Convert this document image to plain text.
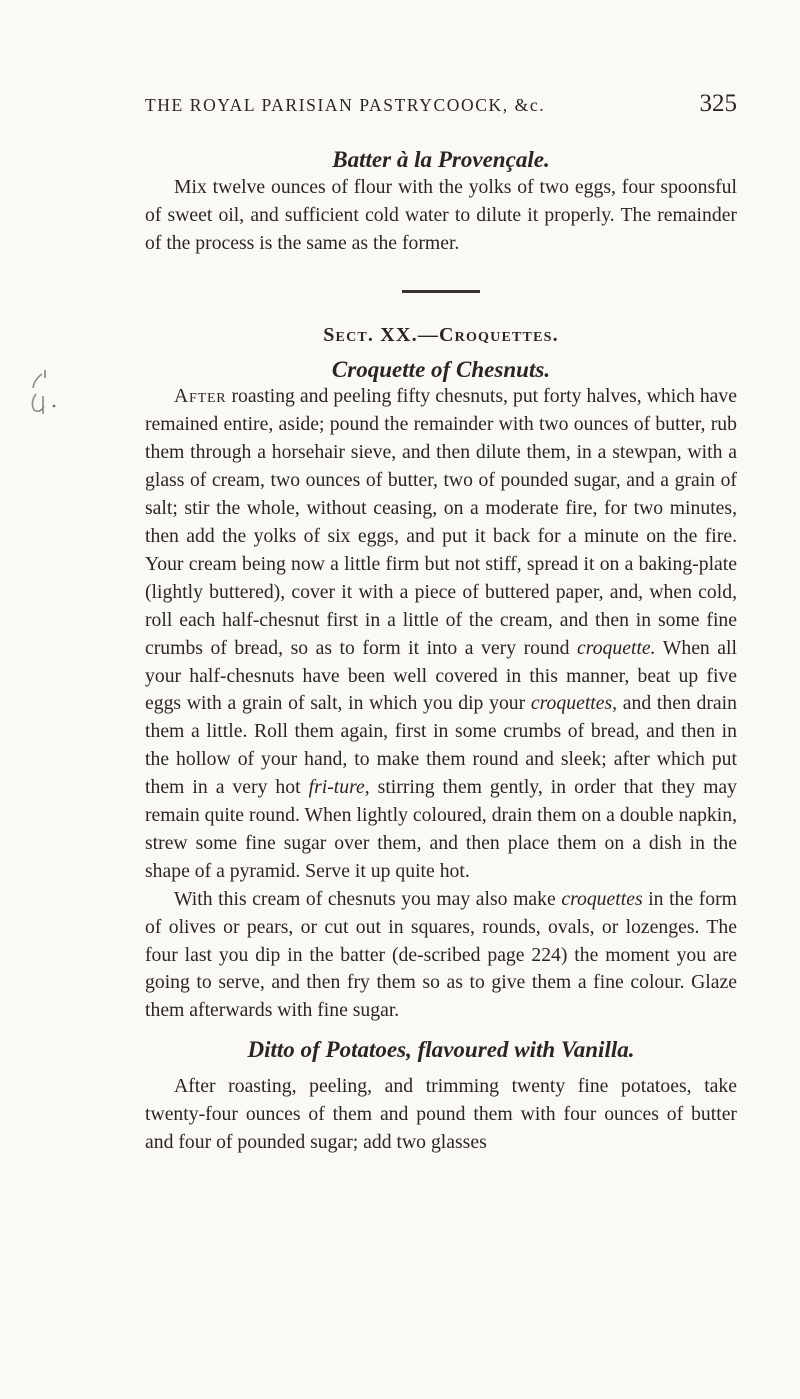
THE ROYAL PARISIAN PASTRYCOOCK, &c.	325
Batter à la Provençale.

Mix twelve ounces of flour with the yolks of two eggs, four spoonsful of sweet oil, and sufficient cold water to dilute it properly. The remainder of the process is the same as the former.

Sect. XX.—Croquettes.
Croquette of Chesnuts.

After roasting and peeling fifty chesnuts, put forty halves, which have remained entire, aside; pound the remainder with two ounces of butter, rub them through a horsehair sieve, and then dilute them, in a stewpan, with a glass of cream, two ounces of butter, two of pounded sugar, and a grain of salt; stir the whole, without ceasing, on a moderate fire, for two minutes, then add the yolks of six eggs, and put it back for a minute on the fire. Your cream being now a little firm but not stiff, spread it on a baking-plate (lightly buttered), cover it with a piece of buttered paper, and, when cold, roll each half-chesnut first in a little of the cream, and then in some fine crumbs of bread, so as to form it into a very round croquette. When all your half-chesnuts have been well covered in this manner, beat up five eggs with a grain of salt, in which you dip your croquettes, and then drain them a little. Roll them again, first in some crumbs of bread, and then in the hollow of your hand, to make them round and sleek; after which put them in a very hot fri-ture, stirring them gently, in order that they may remain quite round. When lightly coloured, drain them on a double napkin, strew some fine sugar over them, and then place them on a dish in the shape of a pyramid. Serve it up quite hot.

With this cream of chesnuts you may also make croquettes in the form of olives or pears, or cut out in squares, rounds, ovals, or lozenges. The four last you dip in the batter (de-scribed page 224) the moment you are going to serve, and then fry them so as to give them a fine colour. Glaze them afterwards with fine sugar.

Ditto of Potatoes, flavoured with Vanilla.

After roasting, peeling, and trimming twenty fine potatoes, take twenty-four ounces of them and pound them with four ounces of butter and four of pounded sugar; add two glasses
